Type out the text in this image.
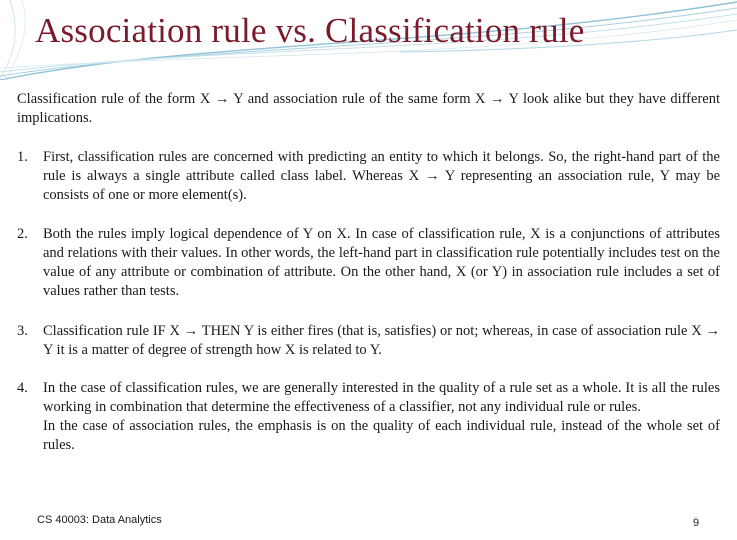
Association rule vs. Classification rule
Classification rule of the form X → Y and association rule of the same form X → Y look alike but they have different implications.
1.	First, classification rules are concerned with predicting an entity to which it belongs. So, the right-hand part of the rule is always a single attribute called class label. Whereas X → Y representing an association rule, Y may be consists of one or more element(s).
2.	Both the rules imply logical dependence of Y on X. In case of classification rule, X is a conjunctions of attributes and relations with their values. In other words, the left-hand part in classification rule potentially includes test on the value of any attribute or combination of attribute. On the other hand, X (or Y) in association rule includes a set of values rather than tests.
3.	Classification rule IF X → THEN Y is either fires (that is, satisfies) or not; whereas, in case of association rule X → Y it is a matter of degree of strength how X is related to Y.
4.	In the case of classification rules, we are generally interested in the quality of a rule set as a whole. It is all the rules working in combination that determine the effectiveness of a classifier, not any individual rule or rules.
In the case of association rules, the emphasis is on the quality of each individual rule, instead of the whole set of rules.
CS 40003: Data Analytics	9
